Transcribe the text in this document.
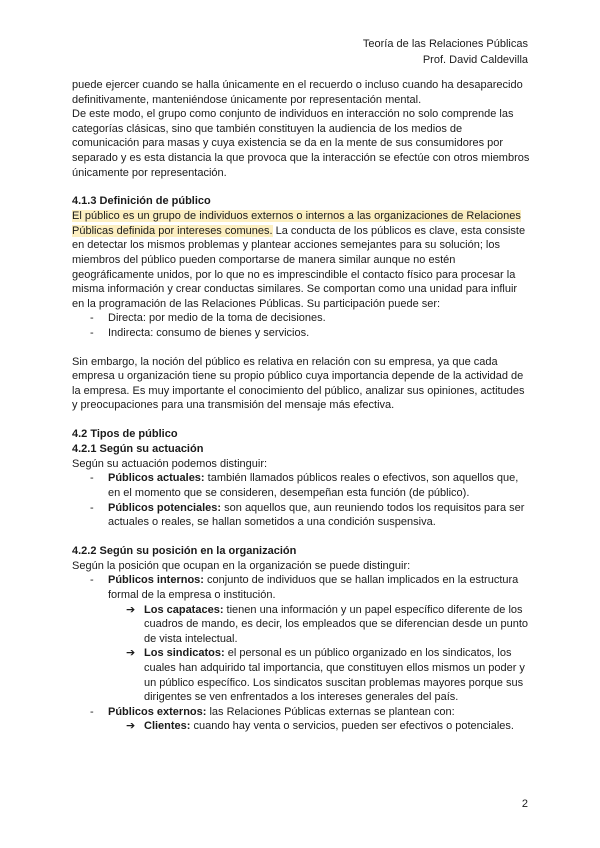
Teoría de las Relaciones Públicas
Prof. David Caldevilla

puede ejercer cuando se halla únicamente en el recuerdo o incluso cuando ha desaparecido definitivamente, manteniéndose únicamente por representación mental.

De este modo, el grupo como conjunto de individuos en interacción no solo comprende las categorías clásicas, sino que también constituyen la audiencia de los medios de comunicación para masas y cuya existencia se da en la mente de sus consumidores por separado y es esta distancia la que provoca que la interacción se efectúe con otros miembros únicamente por representación.

4.1.3 Definición de público

El público es un grupo de individuos externos o internos a las organizaciones de Relaciones Públicas definida por intereses comunes. La conducta de los públicos es clave, esta consiste en detectar los mismos problemas y plantear acciones semejantes para su solución; los miembros del público pueden comportarse de manera similar aunque no estén geográficamente unidos, por lo que no es imprescindible el contacto físico para procesar la misma información y crear conductas similares. Se comportan como una unidad para influir en la programación de las Relaciones Públicas. Su participación puede ser:

- Directa: por medio de la toma de decisiones.
- Indirecta: consumo de bienes y servicios.

Sin embargo, la noción del público es relativa en relación con su empresa, ya que cada empresa u organización tiene su propio público cuya importancia depende de la actividad de la empresa. Es muy importante el conocimiento del público, analizar sus opiniones, actitudes y preocupaciones para una transmisión del mensaje más efectiva.

4.2 Tipos de público
4.2.1 Según su actuación

Según su actuación podemos distinguir:

- Públicos actuales: también llamados públicos reales o efectivos, son aquellos que, en el momento que se consideren, desempeñan esta función (de público).
- Públicos potenciales: son aquellos que, aun reuniendo todos los requisitos para ser actuales o reales, se hallan sometidos a una condición suspensiva.
4.2.2 Según su posición en la organización

Según la posición que ocupan en la organización se puede distinguir:

- Públicos internos: conjunto de individuos que se hallan implicados en la estructura formal de la empresa o institución.
➔ Los capataces: tienen una información y un papel específico diferente de los cuadros de mando, es decir, los empleados que se diferencian desde un punto de vista intelectual.
➔ Los sindicatos: el personal es un público organizado en los sindicatos, los cuales han adquirido tal importancia, que constituyen ellos mismos un poder y un público específico. Los sindicatos suscitan problemas mayores porque sus dirigentes se ven enfrentados a los intereses generales del país.
- Públicos externos: las Relaciones Públicas externas se plantean con:
➔ Clientes: cuando hay venta o servicios, pueden ser efectivos o potenciales.
2
